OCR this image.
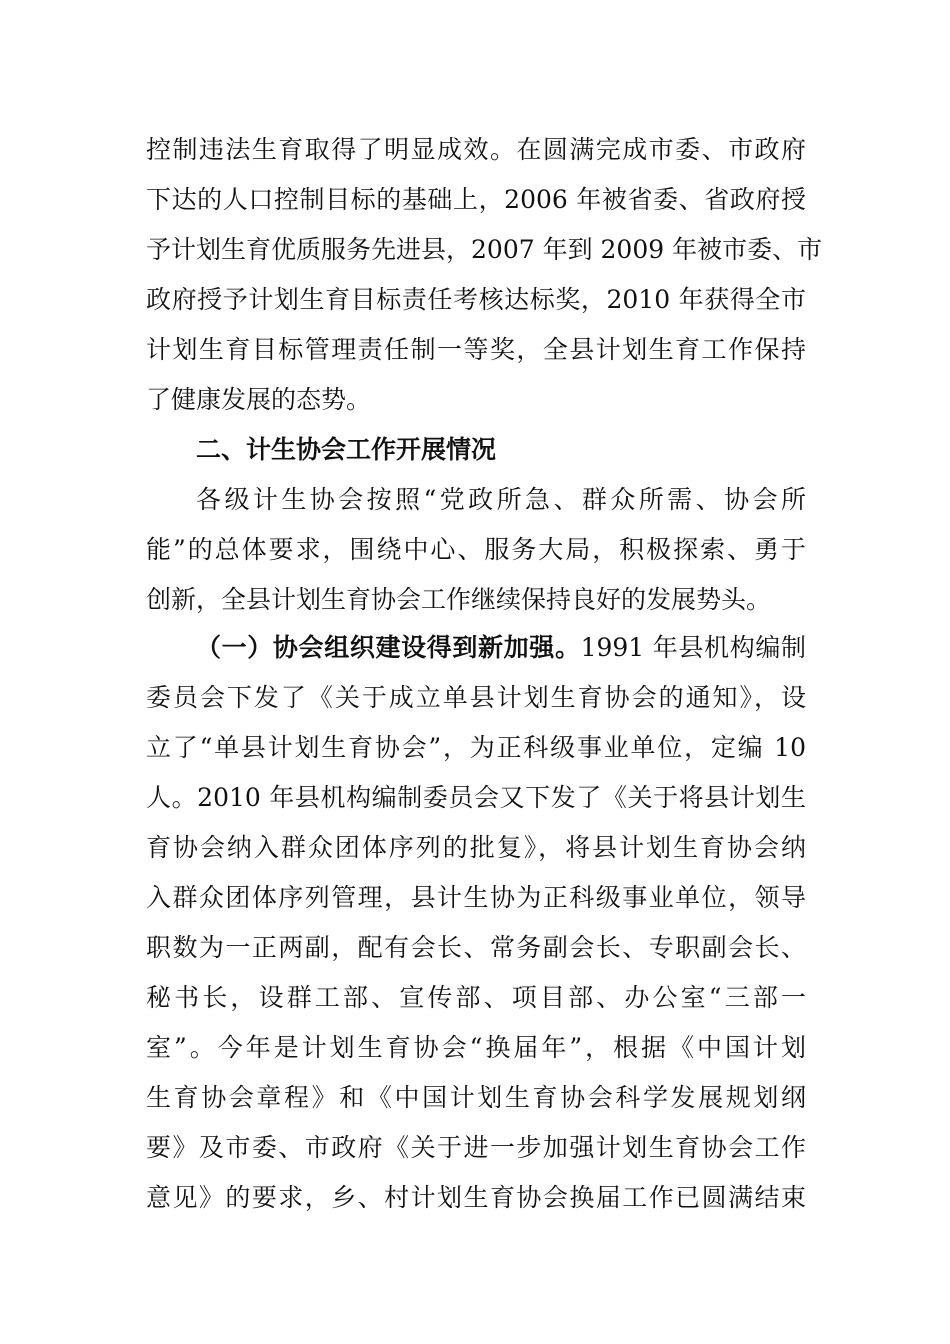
控制违法生育取得了明显成效。在圆满完成市委、市政府
下达的人口控制目标的基础上，2006 年被省委、省政府授
予计划生育优质服务先进县，2007 年到 2009 年被市委、市
政府授予计划生育目标责任考核达标奖，2010 年获得全市
计划生育目标管理责任制一等奖，全县计划生育工作保持
了健康发展的态势。
二、计生协会工作开展情况
各级计生协会按照“党政所急、群众所需、协会所
能”的总体要求，围绕中心、服务大局，积极探索、勇于
创新，全县计划生育协会工作继续保持良好的发展势头。
（一）协会组织建设得到新加强。1991 年县机构编制
委员会下发了《关于成立单县计划生育协会的通知》，设
立了“单县计划生育协会”，为正科级事业单位，定编 10
人。2010 年县机构编制委员会又下发了《关于将县计划生
育协会纳入群众团体序列的批复》，将县计划生育协会纳
入群众团体序列管理，县计生协为正科级事业单位，领导
职数为一正两副，配有会长、常务副会长、专职副会长、
秘书长，设群工部、宣传部、项目部、办公室“三部一
室”。今年是计划生育协会“换届年”，根据《中国计划
生育协会章程》和《中国计划生育协会科学发展规划纲
要》及市委、市政府《关于进一步加强计划生育协会工作
意见》的要求，乡、村计划生育协会换届工作已圆满结束
